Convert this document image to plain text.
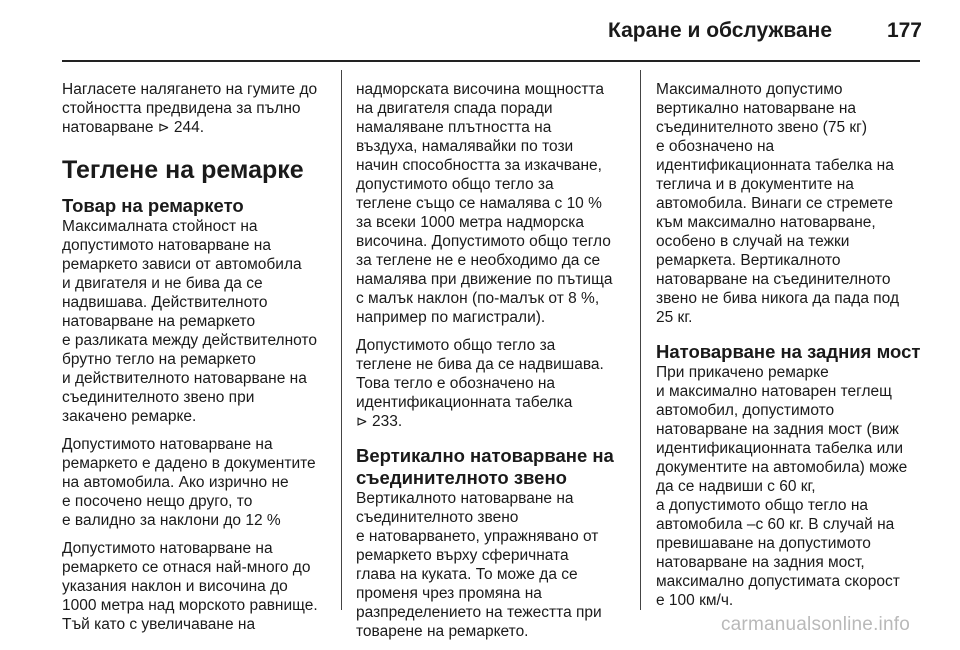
Каране и обслужване	177

Нагласете налягането на гумите до

стойността предвидена за пълно

натоварване ⊳ 244.

Теглене на ремарке
Товар на ремаркето

Максималната стойност на

допустимото натоварване на

ремаркето зависи от автомобила

и двигателя и не бива да се

надвишава. Действителното

натоварване на ремаркето

е разликата между действителното

брутно тегло на ремаркето

и действителното натоварване на

съединителното звено при

закачено ремарке.

Допустимото натоварване на

ремаркето е дадено в документите

на автомобила. Ако изрично не

е посочено нещо друго, то

е валидно за наклони до 12 %

Допустимото натоварване на

ремаркето се отнася най-много до

указания наклон и височина до

1000 метра над морското равнище.

Тъй като с увеличаване на

надморската височина мощността

на двигателя спада поради

намаляване плътността на

въздуха, намалявайки по този

начин способността за изкачване,

допустимото общо тегло за

теглене също се намалява с 10 %

за всеки 1000 метра надморска

височина. Допустимото общо тегло

за теглене не е необходимо да се

намалява при движение по пътища

с малък наклон (по-малък от 8 %,

например по магистрали).

Допустимото общо тегло за

теглене не бива да се надвишава.

Това тегло е обозначено на

идентификационната табелка

⊳ 233.

Вертикално натоварване на
съединителното звено

Вертикалното натоварване на

съединителното звено

е натоварването, упражнявано от

ремаркето върху сферичната

глава на куката. То може да се

променя чрез промяна на

разпределението на тежестта при

товарене на ремаркето.

Максималното допустимо

вертикално натоварване на

съединителното звено (75 кг)

е обозначено на

идентификационната табелка на

теглича и в документите на

автомобила. Винаги се стремете

към максимално натоварване,

особено в случай на тежки

ремаркета. Вертикалното

натоварване на съединителното

звено не бива никога да пада под

25 кг.

Натоварване на задния мост

При прикачено ремарке

и максимално натоварен теглещ

автомобил, допустимото

натоварване на задния мост (виж

идентификационната табелка или

документите на автомобила) може

да се надвиши с 60 кг,

а допустимото общо тегло на

автомобила –с 60 кг. В случай на

превишаване на допустимото

натоварване на задния мост,

максимално допустимата скорост

е 100 км/ч.

carmanualsonline.info
